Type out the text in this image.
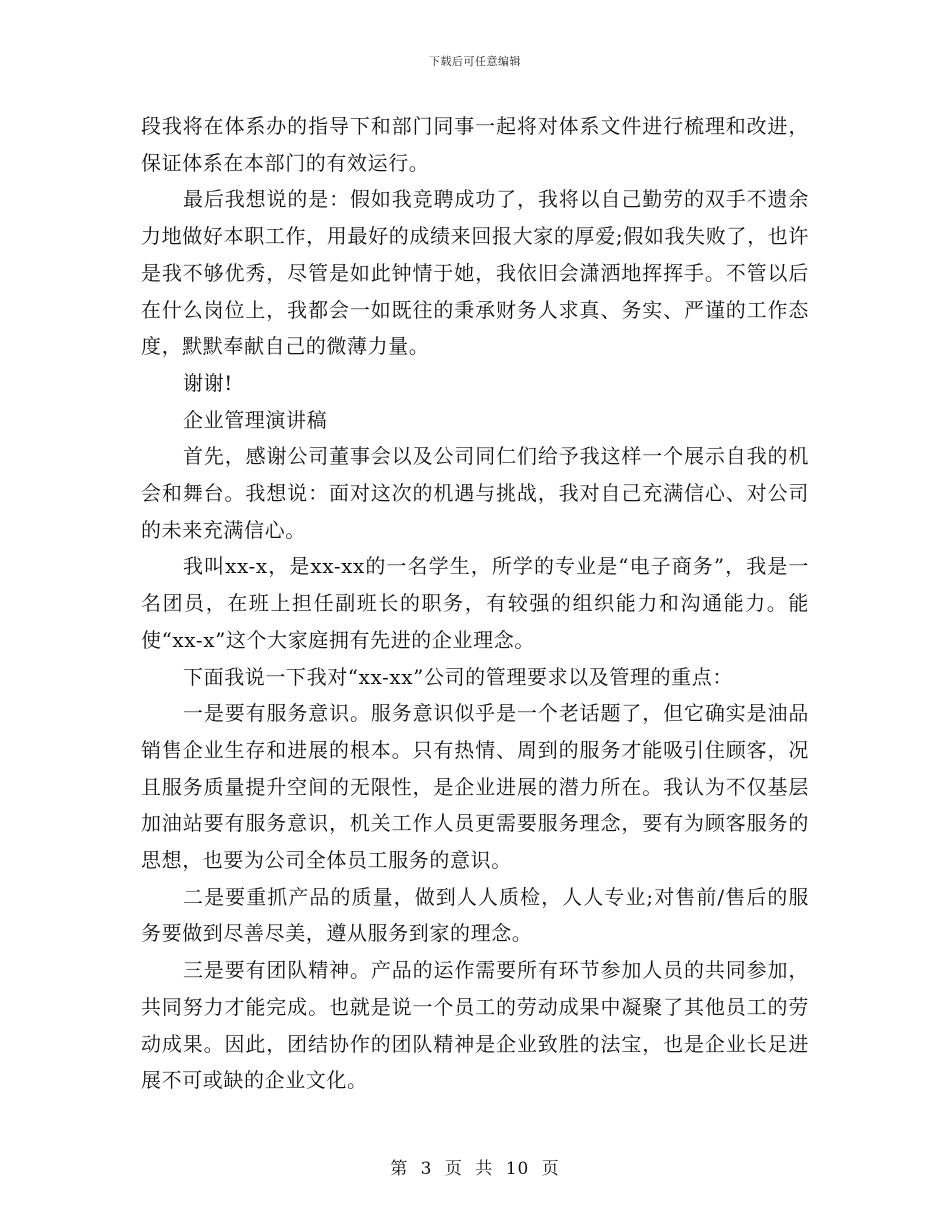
下载后可任意编辑

段我将在体系办的指导下和部门同事一起将对体系文件进行梳理和改进，保证体系在本部门的有效运行。

最后我想说的是：假如我竞聘成功了，我将以自己勤劳的双手不遗余力地做好本职工作，用最好的成绩来回报大家的厚爱;假如我失败了，也许是我不够优秀，尽管是如此钟情于她，我依旧会潇洒地挥挥手。不管以后在什么岗位上，我都会一如既往的秉承财务人求真、务实、严谨的工作态度，默默奉献自己的微薄力量。

谢谢!

企业管理演讲稿

首先，感谢公司董事会以及公司同仁们给予我这样一个展示自我的机会和舞台。我想说：面对这次的机遇与挑战，我对自己充满信心、对公司的未来充满信心。

我叫xx-x，是xx-xx的一名学生，所学的专业是“电子商务”，我是一名团员，在班上担任副班长的职务，有较强的组织能力和沟通能力。能使“xx-x”这个大家庭拥有先进的企业理念。

下面我说一下我对“xx-xx”公司的管理要求以及管理的重点：

一是要有服务意识。服务意识似乎是一个老话题了，但它确实是油品销售企业生存和进展的根本。只有热情、周到的服务才能吸引住顾客，况且服务质量提升空间的无限性，是企业进展的潜力所在。我认为不仅基层加油站要有服务意识，机关工作人员更需要服务理念，要有为顾客服务的思想，也要为公司全体员工服务的意识。

二是要重抓产品的质量，做到人人质检，人人专业;对售前/售后的服务要做到尽善尽美，遵从服务到家的理念。

三是要有团队精神。产品的运作需要所有环节参加人员的共同参加，共同努力才能完成。也就是说一个员工的劳动成果中凝聚了其他员工的劳动成果。因此，团结协作的团队精神是企业致胜的法宝，也是企业长足进展不可或缺的企业文化。

第 3 页 共 10 页
